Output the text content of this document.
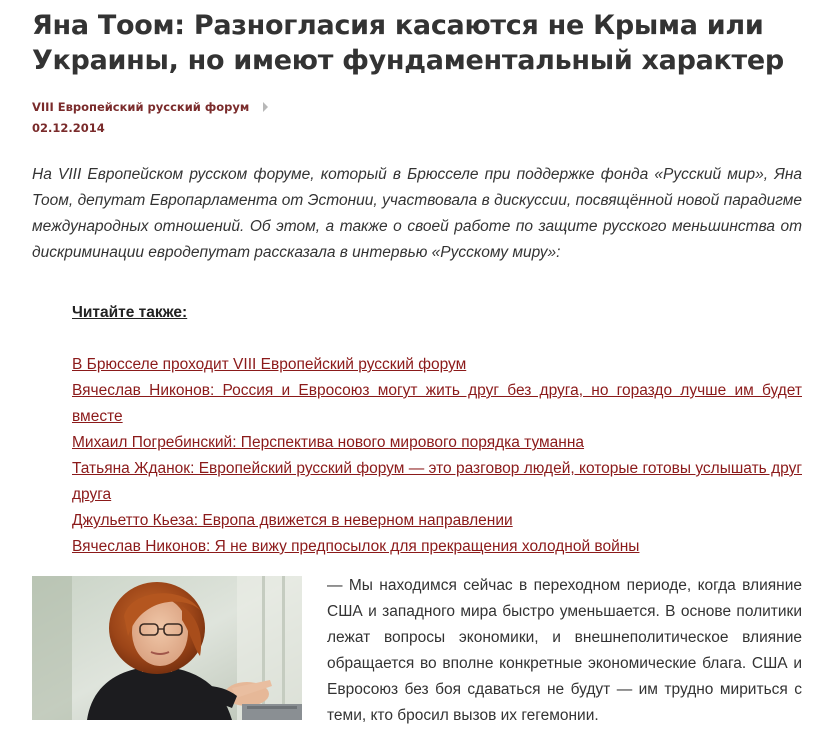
Яна Тоом: Разногласия касаются не Крыма или Украины, но имеют фундаментальный характер
VIII Европейский русский форум
02.12.2014
На VIII Европейском русском форуме, который в Брюсселе при поддержке фонда «Русский мир», Яна Тоом, депутат Европарламента от Эстонии, участвовала в дискуссии, посвящённой новой парадигме международных отношений. Об этом, а также о своей работе по защите русского меньшинства от дискриминации евродепутат рассказала в интервью «Русскому миру»:
Читайте также:
В Брюсселе проходит VIII Европейский русский форум
Вячеслав Никонов: Россия и Евросоюз могут жить друг без друга, но гораздо лучше им будет вместе
Михаил Погребинский: Перспектива нового мирового порядка туманна
Татьяна Жданок: Европейский русский форум — это разговор людей, которые готовы услышать друг друга
Джульетто Кьеза: Европа движется в неверном направлении
Вячеслав Никонов: Я не вижу предпосылок для прекращения холодной войны

— Мы находимся сейчас в переходном периоде, когда влияние США и западного мира быстро уменьшается. В основе политики лежат вопросы экономики, и внешнеполитическое влияние обращается во вполне конкретные экономические блага. США и Евросоюз без боя сдаваться не будут — им трудно мириться с теми, кто бросил вызов их гегемонии.
